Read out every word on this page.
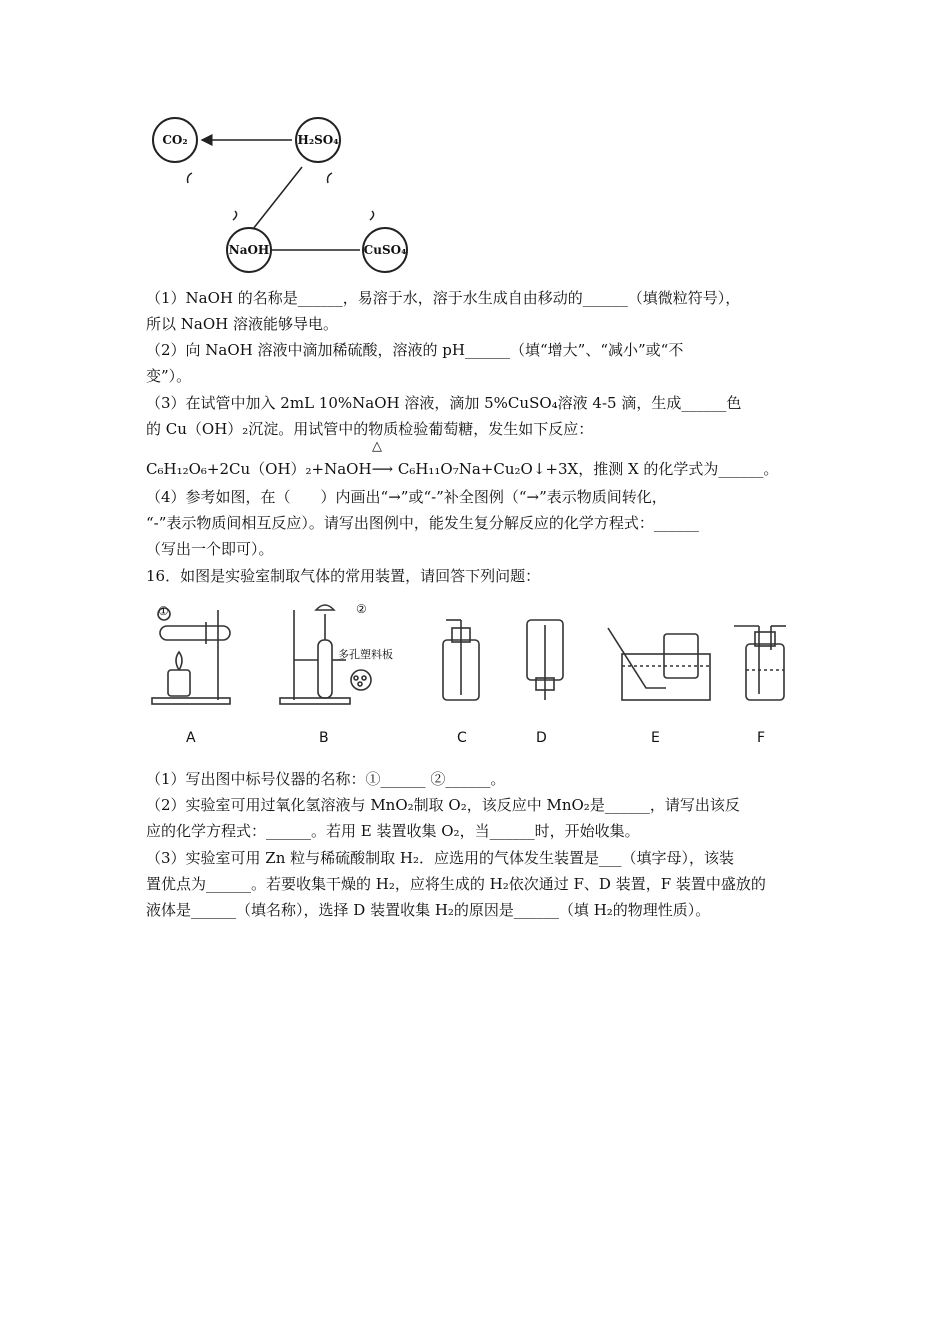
CO₂	H₂SO₄
NaOH	CuSO₄
（1）NaOH 的名称是______，易溶于水，溶于水生成自由移动的______（填微粒符号），
所以 NaOH 溶液能够导电。
（2）向 NaOH 溶液中滴加稀硫酸，溶液的 pH______（填“增大”、“减小”或“不
变”）。
（3）在试管中加入 2mL 10%NaOH 溶液，滴加 5%CuSO₄溶液 4-5 滴，生成______色
的 Cu（OH）₂沉淀。用试管中的物质检验葡萄糖，发生如下反应：
△
C₆H₁₂O₆+2Cu（OH）₂+NaOH⟶ C₆H₁₁O₇Na+Cu₂O↓+3X，推测 X 的化学式为______。
（4）参考如图，在（　　）内画出“→”或“-”补全图例（“→”表示物质间转化，
“-”表示物质间相互反应）。请写出图例中，能发生复分解反应的化学方程式：______
（写出一个即可）。
16．如图是实验室制取气体的常用装置，请回答下列问题：
①	②
多孔塑料板
A	B	C	D	E	F
（1）写出图中标号仪器的名称：①______ ②______。
（2）实验室可用过氧化氢溶液与 MnO₂制取 O₂，该反应中 MnO₂是______，请写出该反
应的化学方程式：______。若用 E 装置收集 O₂，当______时，开始收集。
（3）实验室可用 Zn 粒与稀硫酸制取 H₂．应选用的气体发生装置是___（填字母），该装
置优点为______。若要收集干燥的 H₂，应将生成的 H₂依次通过 F、D 装置，F 装置中盛放的
液体是______（填名称），选择 D 装置收集 H₂的原因是______（填 H₂的物理性质）。
